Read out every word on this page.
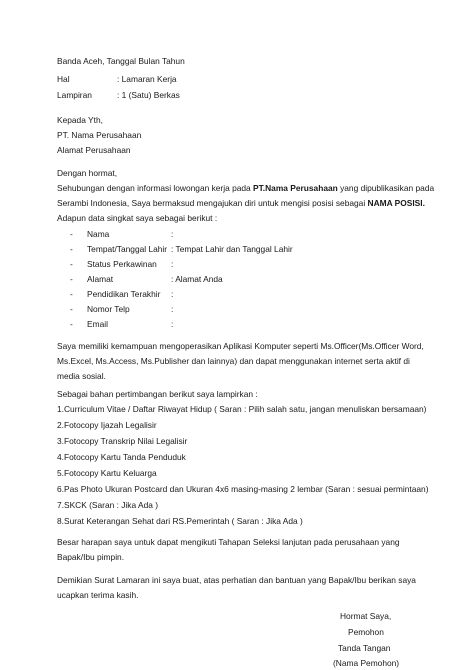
Banda Aceh, Tanggal Bulan Tahun
Hal	: Lamaran Kerja
Lampiran	: 1 (Satu) Berkas
Kepada Yth,
PT. Nama Perusahaan
Alamat Perusahaan
Dengan hormat,
Sehubungan dengan informasi lowongan kerja pada PT.Nama Perusahaan yang dipublikasikan pada
Serambi Indonesia, Saya bermaksud mengajukan diri untuk mengisi posisi sebagai NAMA POSISI.
Adapun data singkat saya sebagai berikut :
- Nama	:
- Tempat/Tanggal Lahir : Tempat Lahir dan Tanggal Lahir
- Status Perkawinan :
- Alamat	: Alamat Anda
- Pendidikan Terakhir :
- Nomor Telp	:
- Email	:
Saya memiliki kemampuan mengoperasikan Aplikasi Komputer seperti Ms.Officer(Ms.Officer Word,
Ms.Excel, Ms.Access, Ms.Publisher dan lainnya) dan dapat menggunakan internet serta aktif di
media sosial.
Sebagai bahan pertimbangan berikut saya lampirkan :
1.Curriculum Vitae / Daftar Riwayat Hidup ( Saran : Pilih salah satu, jangan menuliskan bersamaan)
2.Fotocopy Ijazah Legalisir
3.Fotocopy Transkrip Nilai Legalisir
4.Fotocopy Kartu Tanda Penduduk
5.Fotocopy Kartu Keluarga
6.Pas Photo Ukuran Postcard dan Ukuran 4x6 masing-masing 2 lembar (Saran : sesuai permintaan)
7.SKCK (Saran : Jika Ada )
8.Surat Keterangan Sehat dari RS.Pemerintah ( Saran : Jika Ada )
Besar harapan saya untuk dapat mengikuti Tahapan Seleksi lanjutan pada perusahaan yang
Bapak/Ibu pimpin.
Demikian Surat Lamaran ini saya buat, atas perhatian dan bantuan yang Bapak/Ibu berikan saya
ucapkan terima kasih.
Hormat Saya,
Pemohon
Tanda Tangan
(Nama Pemohon)
